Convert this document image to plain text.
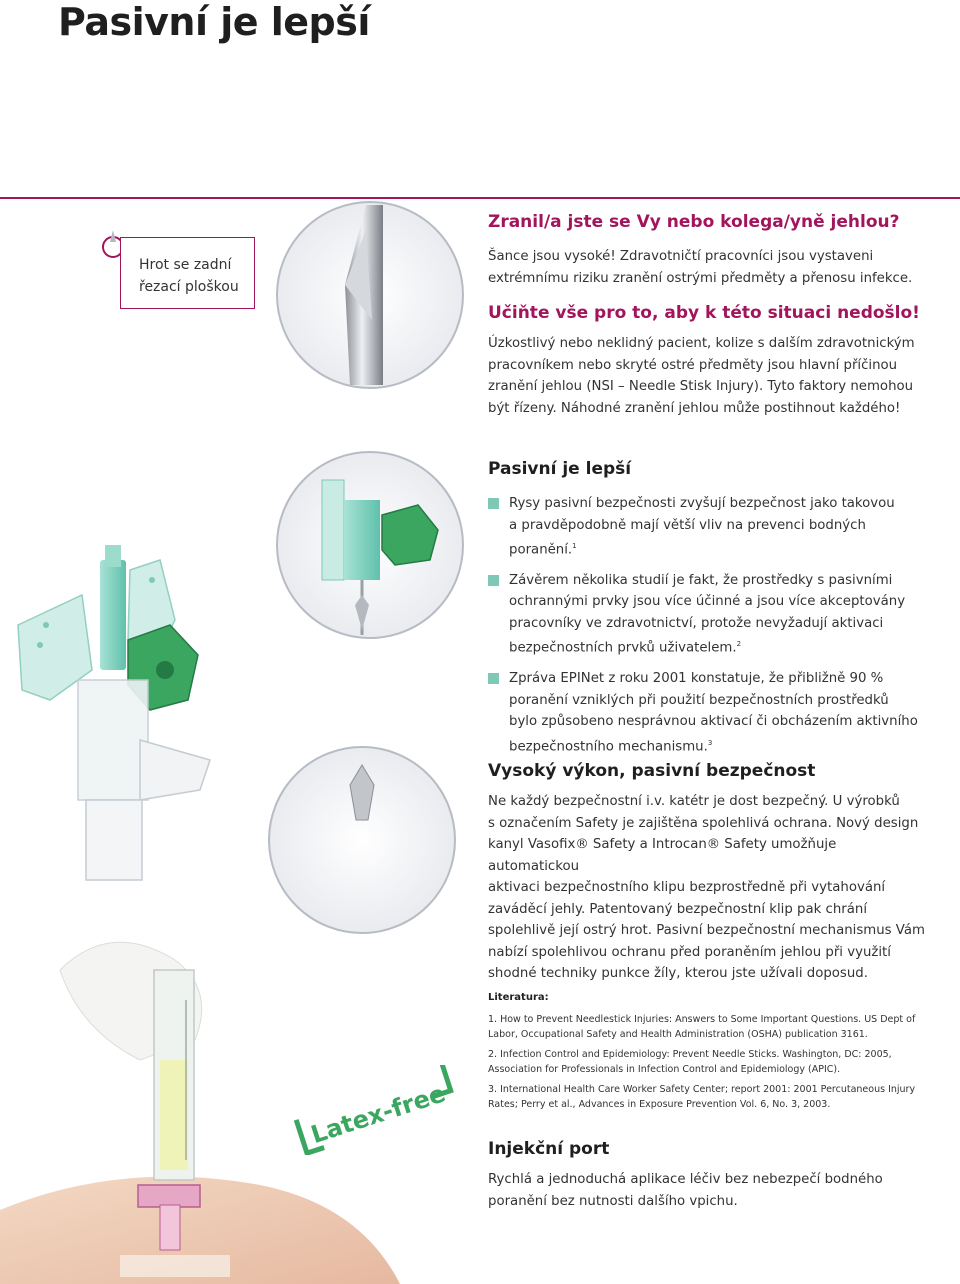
Pasivní je lepší
Hrot se zadní
řezací ploškou
Latex-free
Zranil/a jste se Vy nebo kolega/yně jehlou?

Šance jsou vysoké! Zdravotničtí pracovníci jsou vystaveni

extrémnímu riziku zranění ostrými předměty a přenosu infekce.

Učiňte vše pro to, aby k této situaci nedošlo!

Úzkostlivý nebo neklidný pacient, kolize s dalším zdravotnickým

pracovníkem nebo skryté ostré předměty jsou hlavní příčinou

zranění jehlou (NSI – Needle Stisk Injury). Tyto faktory nemohou

být řízeny. Náhodné zranění jehlou může postihnout každého!

Pasivní je lepší
Rysy pasivní bezpečnosti zvyšují bezpečnost jako takovou
a pravděpodobně mají větší vliv na prevenci bodných poranění.$^1$
Závěrem několika studií je fakt, že prostředky s pasivními
ochrannými prvky jsou více účinné a jsou více akceptovány
pracovníky ve zdravotnictví, protože nevyžadují aktivaci
bezpečnostních prvků uživatelem.$^2$
Zpráva EPINet z roku 2001 konstatuje, že přibližně 90 %
poranění vzniklých při použití bezpečnostních prostředků
bylo způsobeno nesprávnou aktivací či obcházením aktivního
bezpečnostního mechanismu.$^3$
Vysoký výkon, pasivní bezpečnost

Ne každý bezpečnostní i.v. katétr je dost bezpečný. U výrobků

s označením Safety je zajištěna spolehlivá ochrana. Nový design

kanyl Vasofix® Safety a Introcan® Safety umožňuje automatickou

aktivaci bezpečnostního klipu bezprostředně při vytahování

zaváděcí jehly. Patentovaný bezpečnostní klip pak chrání

spolehlivě její ostrý hrot. Pasivní bezpečnostní mechanismus Vám

nabízí spolehlivou ochranu před poraněním jehlou při využití

shodné techniky punkce žíly, kterou jste užívali doposud.

Literatura:

1. How to Prevent Needlestick Injuries: Answers to Some Important Questions. US Dept of
Labor, Occupational Safety and Health Administration (OSHA) publication 3161.

2. Infection Control and Epidemiology: Prevent Needle Sticks. Washington, DC: 2005,
Association for Professionals in Infection Control and Epidemiology (APIC).

3. International Health Care Worker Safety Center; report 2001: 2001 Percutaneous Injury
Rates; Perry et al., Advances in Exposure Prevention Vol. 6, No. 3, 2003.

Injekční port

Rychlá a jednoduchá aplikace léčiv bez nebezpečí bodného

poranění bez nutnosti dalšího vpichu.
